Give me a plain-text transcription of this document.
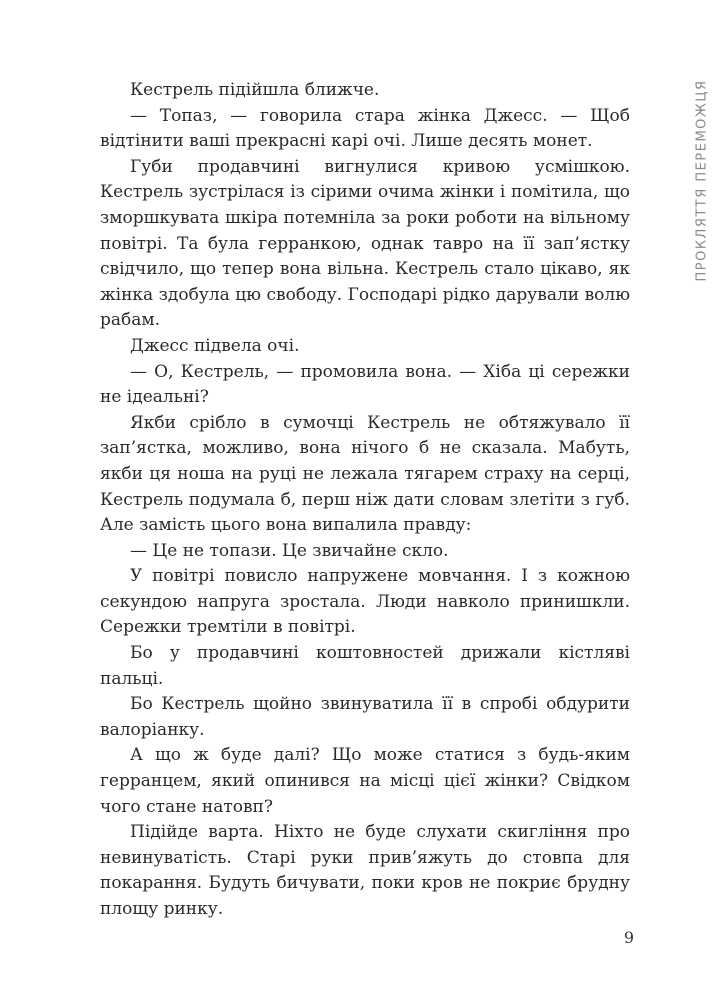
ПРОКЛЯТТЯ ПЕРЕМОЖЦЯ

Кестрель підійшла ближче.

— Топаз, — говорила стара жінка Джесс. — Щоб відтінити ваші прекрасні карі очі. Лише десять монет.

Губи продавчині вигнулися кривою усмішкою. Кестрель зустрілася із сірими очима жінки і помітила, що зморшкувата шкіра потемніла за роки роботи на вільному повітрі. Та була герранкою, однак тавро на її зап’ястку свідчило, що тепер вона вільна. Кестрель стало цікаво, як жінка здобула цю свободу. Господарі рідко дарували волю рабам.

Джесс підвела очі.

— О, Кестрель, — промовила вона. — Хіба ці сережки не ідеальні?

Якби срібло в сумочці Кестрель не обтяжувало її зап’ястка, можливо, вона нічого б не сказала. Мабуть, якби ця ноша на руці не лежала тягарем страху на серці, Кестрель подумала б, перш ніж дати словам злетіти з губ. Але замість цього вона випалила правду:

— Це не топази. Це звичайне скло.

У повітрі повисло напружене мовчання. І з кожною секундою напруга зростала. Люди навколо принишкли. Сережки тремтіли в повітрі.

Бо у продавчині коштовностей дрижали кістляві пальці.

Бо Кестрель щойно звинуватила її в спробі обдурити валоріанку.

А що ж буде далі? Що може статися з будь-яким герранцем, який опинився на місці цієї жінки? Свідком чого стане натовп?

Підійде варта. Ніхто не буде слухати скигління про невинуватість. Старі руки прив’яжуть до стовпа для покарання. Будуть бичувати, поки кров не покриє брудну площу ринку.

9
